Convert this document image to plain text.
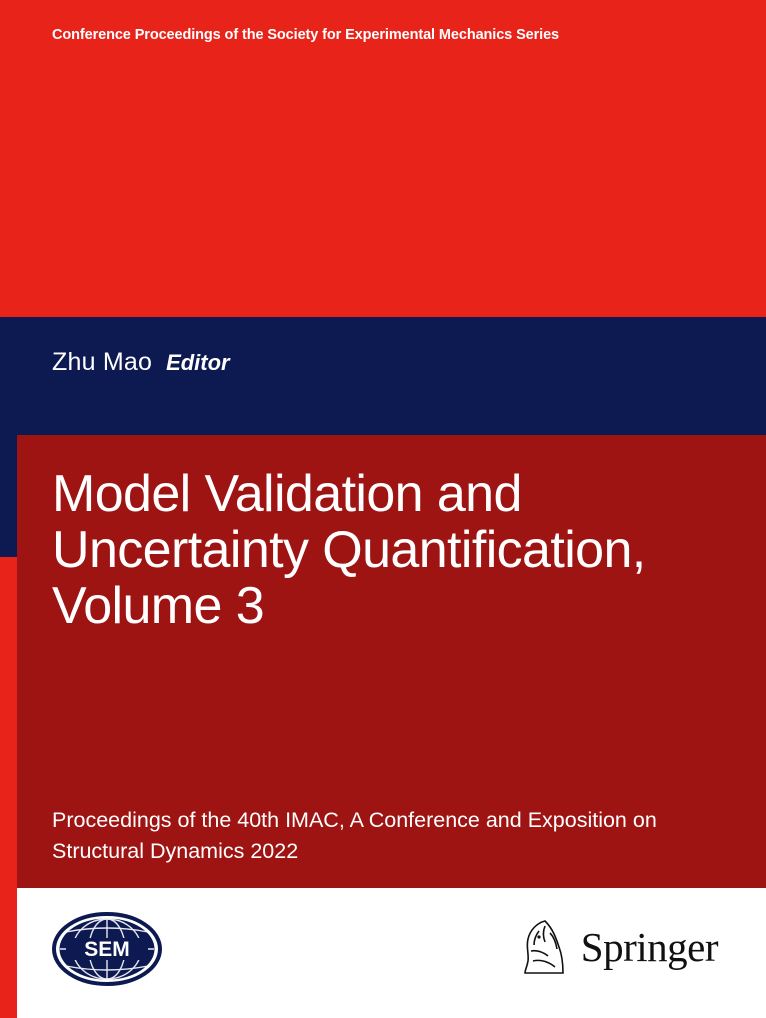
Conference Proceedings of the Society for Experimental Mechanics Series
Zhu Mao Editor
Model Validation and Uncertainty Quantification, Volume 3
Proceedings of the 40th IMAC, A Conference and Exposition on Structural Dynamics 2022
SEM	Springer
